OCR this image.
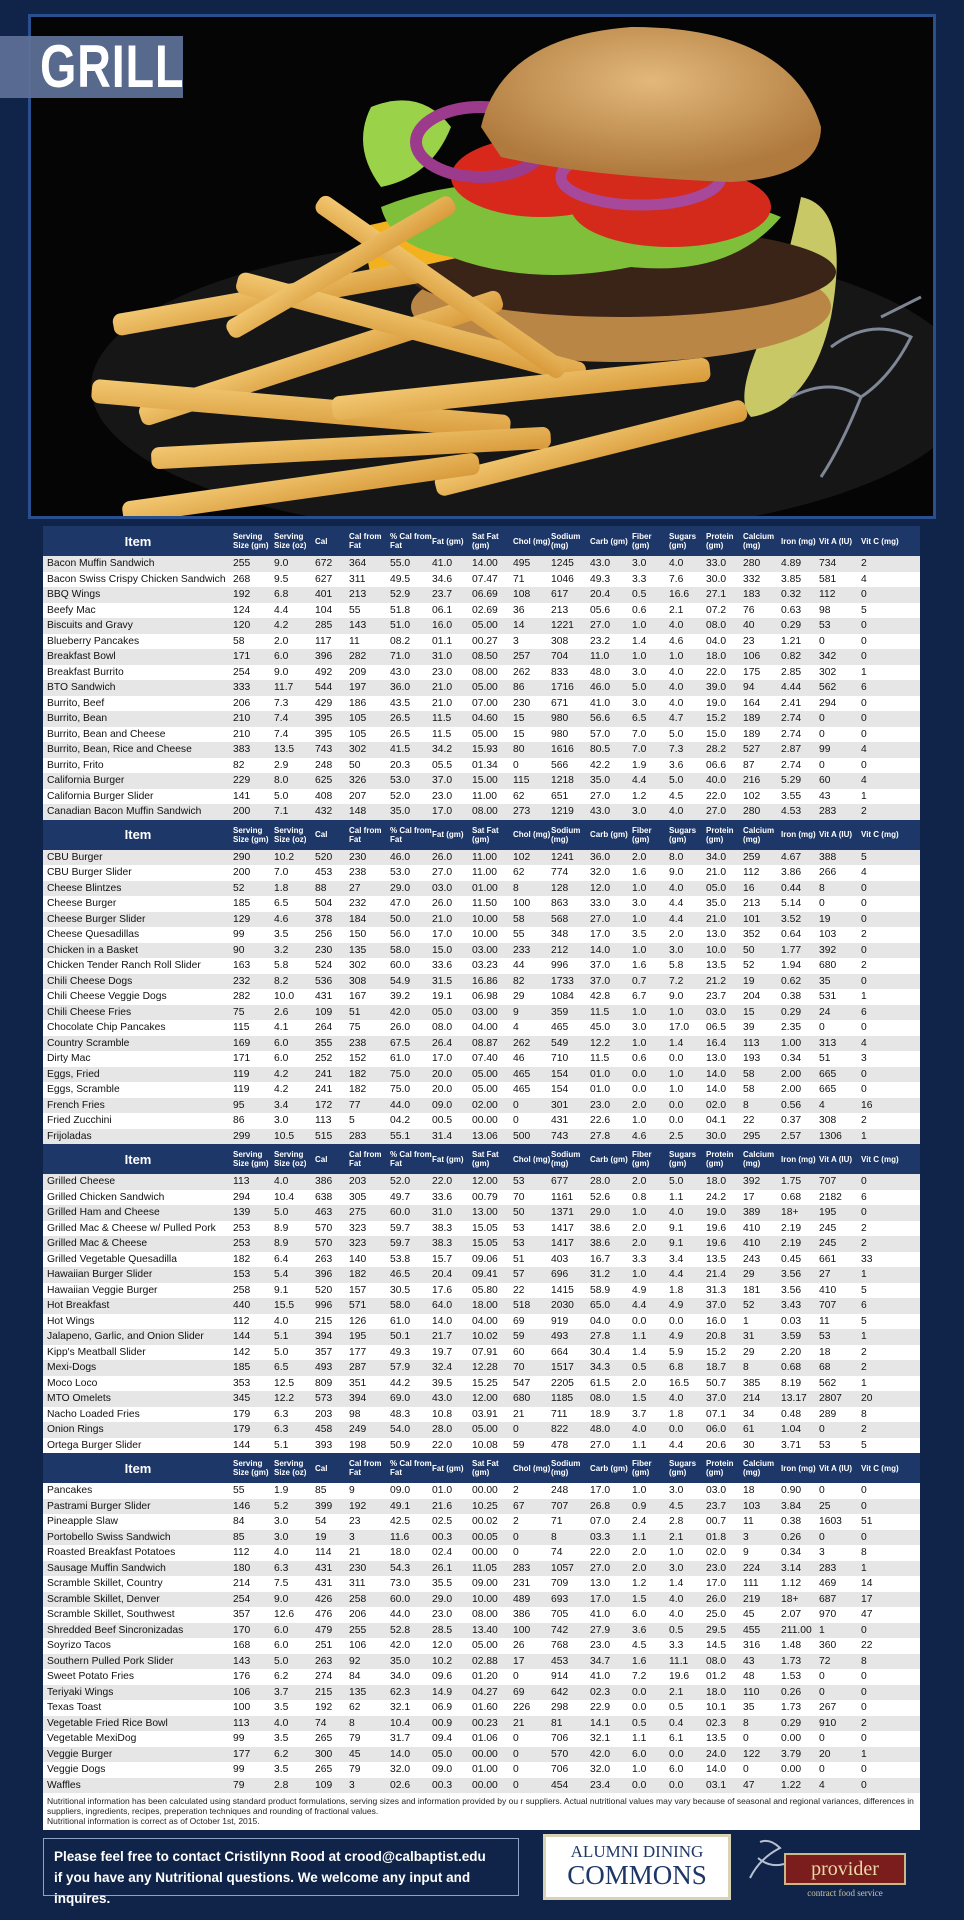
GRILL
Item	Serving Size (gm)	Serving Size (oz)	Cal	Cal from Fat	% Cal from Fat	Fat (gm)	Sat Fat (gm)	Chol (mg)	Sodium (mg)	Carb (gm)	Fiber (gm)	Sugars (gm)	Protein (gm)	Calcium (mg)	Iron (mg)	Vit A (IU)	Vit C (mg)
Bacon Muffin Sandwich	255	9.0	672	364	55.0	41.0	14.00	495	1245	43.0	3.0	4.0	33.0	280	4.89	734	2
Bacon Swiss Crispy Chicken Sandwich	268	9.5	627	311	49.5	34.6	07.47	71	1046	49.3	3.3	7.6	30.0	332	3.85	581	4
BBQ Wings	192	6.8	401	213	52.9	23.7	06.69	108	617	20.4	0.5	16.6	27.1	183	0.32	112	0
Beefy Mac	124	4.4	104	55	51.8	06.1	02.69	36	213	05.6	0.6	2.1	07.2	76	0.63	98	5
Biscuits and Gravy	120	4.2	285	143	51.0	16.0	05.00	14	1221	27.0	1.0	4.0	08.0	40	0.29	53	0
Blueberry Pancakes	58	2.0	117	11	08.2	01.1	00.27	3	308	23.2	1.4	4.6	04.0	23	1.21	0	0
Breakfast Bowl	171	6.0	396	282	71.0	31.0	08.50	257	704	11.0	1.0	1.0	18.0	106	0.82	342	0
Breakfast Burrito	254	9.0	492	209	43.0	23.0	08.00	262	833	48.0	3.0	4.0	22.0	175	2.85	302	1
BTO Sandwich	333	11.7	544	197	36.0	21.0	05.00	86	1716	46.0	5.0	4.0	39.0	94	4.44	562	6
Burrito, Beef	206	7.3	429	186	43.5	21.0	07.00	230	671	41.0	3.0	4.0	19.0	164	2.41	294	0
Burrito, Bean	210	7.4	395	105	26.5	11.5	04.60	15	980	56.6	6.5	4.7	15.2	189	2.74	0	0
Burrito, Bean and Cheese	210	7.4	395	105	26.5	11.5	05.00	15	980	57.0	7.0	5.0	15.0	189	2.74	0	0
Burrito, Bean, Rice and Cheese	383	13.5	743	302	41.5	34.2	15.93	80	1616	80.5	7.0	7.3	28.2	527	2.87	99	4
Burrito, Frito	82	2.9	248	50	20.3	05.5	01.34	0	566	42.2	1.9	3.6	06.6	87	2.74	0	0
California Burger	229	8.0	625	326	53.0	37.0	15.00	115	1218	35.0	4.4	5.0	40.0	216	5.29	60	4
California Burger Slider	141	5.0	408	207	52.0	23.0	11.00	62	651	27.0	1.2	4.5	22.0	102	3.55	43	1
Canadian Bacon Muffin Sandwich	200	7.1	432	148	35.0	17.0	08.00	273	1219	43.0	3.0	4.0	27.0	280	4.53	283	2
Item	Serving Size (gm)	Serving Size (oz)	Cal	Cal from Fat	% Cal from Fat	Fat (gm)	Sat Fat (gm)	Chol (mg)	Sodium (mg)	Carb (gm)	Fiber (gm)	Sugars (gm)	Protein (gm)	Calcium (mg)	Iron (mg)	Vit A (IU)	Vit C (mg)
CBU Burger	290	10.2	520	230	46.0	26.0	11.00	102	1241	36.0	2.0	8.0	34.0	259	4.67	388	5
CBU Burger Slider	200	7.0	453	238	53.0	27.0	11.00	62	774	32.0	1.6	9.0	21.0	112	3.86	266	4
Cheese Blintzes	52	1.8	88	27	29.0	03.0	01.00	8	128	12.0	1.0	4.0	05.0	16	0.44	8	0
Cheese Burger	185	6.5	504	232	47.0	26.0	11.50	100	863	33.0	3.0	4.4	35.0	213	5.14	0	0
Cheese Burger Slider	129	4.6	378	184	50.0	21.0	10.00	58	568	27.0	1.0	4.4	21.0	101	3.52	19	0
Cheese Quesadillas	99	3.5	256	150	56.0	17.0	10.00	55	348	17.0	3.5	2.0	13.0	352	0.64	103	2
Chicken in a Basket	90	3.2	230	135	58.0	15.0	03.00	233	212	14.0	1.0	3.0	10.0	50	1.77	392	0
Chicken Tender Ranch Roll Slider	163	5.8	524	302	60.0	33.6	03.23	44	996	37.0	1.6	5.8	13.5	52	1.94	680	2
Chili Cheese Dogs	232	8.2	536	308	54.9	31.5	16.86	82	1733	37.0	0.7	7.2	21.2	19	0.62	35	0
Chili Cheese Veggie Dogs	282	10.0	431	167	39.2	19.1	06.98	29	1084	42.8	6.7	9.0	23.7	204	0.38	531	1
Chili Cheese Fries	75	2.6	109	51	42.0	05.0	03.00	9	359	11.5	1.0	1.0	03.0	15	0.29	24	6
Chocolate Chip Pancakes	115	4.1	264	75	26.0	08.0	04.00	4	465	45.0	3.0	17.0	06.5	39	2.35	0	0
Country Scramble	169	6.0	355	238	67.5	26.4	08.87	262	549	12.2	1.0	1.4	16.4	113	1.00	313	4
Dirty Mac	171	6.0	252	152	61.0	17.0	07.40	46	710	11.5	0.6	0.0	13.0	193	0.34	51	3
Eggs, Fried	119	4.2	241	182	75.0	20.0	05.00	465	154	01.0	0.0	1.0	14.0	58	2.00	665	0
Eggs, Scramble	119	4.2	241	182	75.0	20.0	05.00	465	154	01.0	0.0	1.0	14.0	58	2.00	665	0
French Fries	95	3.4	172	77	44.0	09.0	02.00	0	301	23.0	2.0	0.0	02.0	8	0.56	4	16
Fried Zucchini	86	3.0	113	5	04.2	00.5	00.00	0	431	22.6	1.0	0.0	04.1	22	0.37	308	2
Frijoladas	299	10.5	515	283	55.1	31.4	13.06	500	743	27.8	4.6	2.5	30.0	295	2.57	1306	1
Item	Serving Size (gm)	Serving Size (oz)	Cal	Cal from Fat	% Cal from Fat	Fat (gm)	Sat Fat (gm)	Chol (mg)	Sodium (mg)	Carb (gm)	Fiber (gm)	Sugars (gm)	Protein (gm)	Calcium (mg)	Iron (mg)	Vit A (IU)	Vit C (mg)
Grilled Cheese	113	4.0	386	203	52.0	22.0	12.00	53	677	28.0	2.0	5.0	18.0	392	1.75	707	0
Grilled Chicken Sandwich	294	10.4	638	305	49.7	33.6	00.79	70	1161	52.6	0.8	1.1	24.2	17	0.68	2182	6
Grilled Ham and Cheese	139	5.0	463	275	60.0	31.0	13.00	50	1371	29.0	1.0	4.0	19.0	389	18+	195	0
Grilled Mac & Cheese w/ Pulled Pork	253	8.9	570	323	59.7	38.3	15.05	53	1417	38.6	2.0	9.1	19.6	410	2.19	245	2
Grilled Mac & Cheese	253	8.9	570	323	59.7	38.3	15.05	53	1417	38.6	2.0	9.1	19.6	410	2.19	245	2
Grilled Vegetable Quesadilla	182	6.4	263	140	53.8	15.7	09.06	51	403	16.7	3.3	3.4	13.5	243	0.45	661	33
Hawaiian Burger Slider	153	5.4	396	182	46.5	20.4	09.41	57	696	31.2	1.0	4.4	21.4	29	3.56	27	1
Hawaiian Veggie Burger	258	9.1	520	157	30.5	17.6	05.80	22	1415	58.9	4.9	1.8	31.3	181	3.56	410	5
Hot Breakfast	440	15.5	996	571	58.0	64.0	18.00	518	2030	65.0	4.4	4.9	37.0	52	3.43	707	6
Hot Wings	112	4.0	215	126	61.0	14.0	04.00	69	919	04.0	0.0	0.0	16.0	1	0.03	11	5
Jalapeno, Garlic, and Onion Slider	144	5.1	394	195	50.1	21.7	10.02	59	493	27.8	1.1	4.9	20.8	31	3.59	53	1
Kipp's Meatball Slider	142	5.0	357	177	49.3	19.7	07.91	60	664	30.4	1.4	5.9	15.2	29	2.20	18	2
Mexi-Dogs	185	6.5	493	287	57.9	32.4	12.28	70	1517	34.3	0.5	6.8	18.7	8	0.68	68	2
Moco Loco	353	12.5	809	351	44.2	39.5	15.25	547	2205	61.5	2.0	16.5	50.7	385	8.19	562	1
MTO Omelets	345	12.2	573	394	69.0	43.0	12.00	680	1185	08.0	1.5	4.0	37.0	214	13.17	2807	20
Nacho Loaded Fries	179	6.3	203	98	48.3	10.8	03.91	21	711	18.9	3.7	1.8	07.1	34	0.48	289	8
Onion Rings	179	6.3	458	249	54.0	28.0	05.00	0	822	48.0	4.0	0.0	06.0	61	1.04	0	2
Ortega Burger Slider	144	5.1	393	198	50.9	22.0	10.08	59	478	27.0	1.1	4.4	20.6	30	3.71	53	5
Item	Serving Size (gm)	Serving Size (oz)	Cal	Cal from Fat	% Cal from Fat	Fat (gm)	Sat Fat (gm)	Chol (mg)	Sodium (mg)	Carb (gm)	Fiber (gm)	Sugars (gm)	Protein (gm)	Calcium (mg)	Iron (mg)	Vit A (IU)	Vit C (mg)
Pancakes	55	1.9	85	9	09.0	01.0	00.00	2	248	17.0	1.0	3.0	03.0	18	0.90	0	0
Pastrami Burger Slider	146	5.2	399	192	49.1	21.6	10.25	67	707	26.8	0.9	4.5	23.7	103	3.84	25	0
Pineapple Slaw	84	3.0	54	23	42.5	02.5	00.02	2	71	07.0	2.4	2.8	00.7	11	0.38	1603	51
Portobello Swiss Sandwich	85	3.0	19	3	11.6	00.3	00.05	0	8	03.3	1.1	2.1	01.8	3	0.26	0	0
Roasted Breakfast Potatoes	112	4.0	114	21	18.0	02.4	00.00	0	74	22.0	2.0	1.0	02.0	9	0.34	3	8
Sausage Muffin Sandwich	180	6.3	431	230	54.3	26.1	11.05	283	1057	27.0	2.0	3.0	23.0	224	3.14	283	1
Scramble Skillet, Country	214	7.5	431	311	73.0	35.5	09.00	231	709	13.0	1.2	1.4	17.0	111	1.12	469	14
Scramble Skillet, Denver	254	9.0	426	258	60.0	29.0	10.00	489	693	17.0	1.5	4.0	26.0	219	18+	687	17
Scramble Skillet, Southwest	357	12.6	476	206	44.0	23.0	08.00	386	705	41.0	6.0	4.0	25.0	45	2.07	970	47
Shredded Beef Sincronizadas	170	6.0	479	255	52.8	28.5	13.40	100	742	27.9	3.6	0.5	29.5	455	211.00	1	0
Soyrizo Tacos	168	6.0	251	106	42.0	12.0	05.00	26	768	23.0	4.5	3.3	14.5	316	1.48	360	22
Southern Pulled Pork Slider	143	5.0	263	92	35.0	10.2	02.88	17	453	34.7	1.6	11.1	08.0	43	1.73	72	8
Sweet Potato Fries	176	6.2	274	84	34.0	09.6	01.20	0	914	41.0	7.2	19.6	01.2	48	1.53	0	0
Teriyaki Wings	106	3.7	215	135	62.3	14.9	04.27	69	642	02.3	0.0	2.1	18.0	110	0.26	0	0
Texas Toast	100	3.5	192	62	32.1	06.9	01.60	226	298	22.9	0.0	0.5	10.1	35	1.73	267	0
Vegetable Fried Rice Bowl	113	4.0	74	8	10.4	00.9	00.23	21	81	14.1	0.5	0.4	02.3	8	0.29	910	2
Vegetable MexiDog	99	3.5	265	79	31.7	09.4	01.06	0	706	32.1	1.1	6.1	13.5	0	0.00	0	0
Veggie Burger	177	6.2	300	45	14.0	05.0	00.00	0	570	42.0	6.0	0.0	24.0	122	3.79	20	1
Veggie Dogs	99	3.5	265	79	32.0	09.0	01.00	0	706	32.0	1.0	6.0	14.0	0	0.00	0	0
Waffles	79	2.8	109	3	02.6	00.3	00.00	0	454	23.4	0.0	0.0	03.1	47	1.22	4	0
Nutritional information has been calculated using standard product formulations, serving sizes and information provided by ou r suppliers. Actual nutritional values may vary because of seasonal and regional variances, differences in suppliers, ingredients, recipes, preperation techniques and rounding of fractional values.
Nutritional information is correct as of October 1st, 2015.
Please feel free to contact Cristilynn Rood at crood@calbaptist.edu
if you have any Nutritional questions. We welcome any input and inquires.
ALUMNI DINING
COMMONS	provider
contract food service
